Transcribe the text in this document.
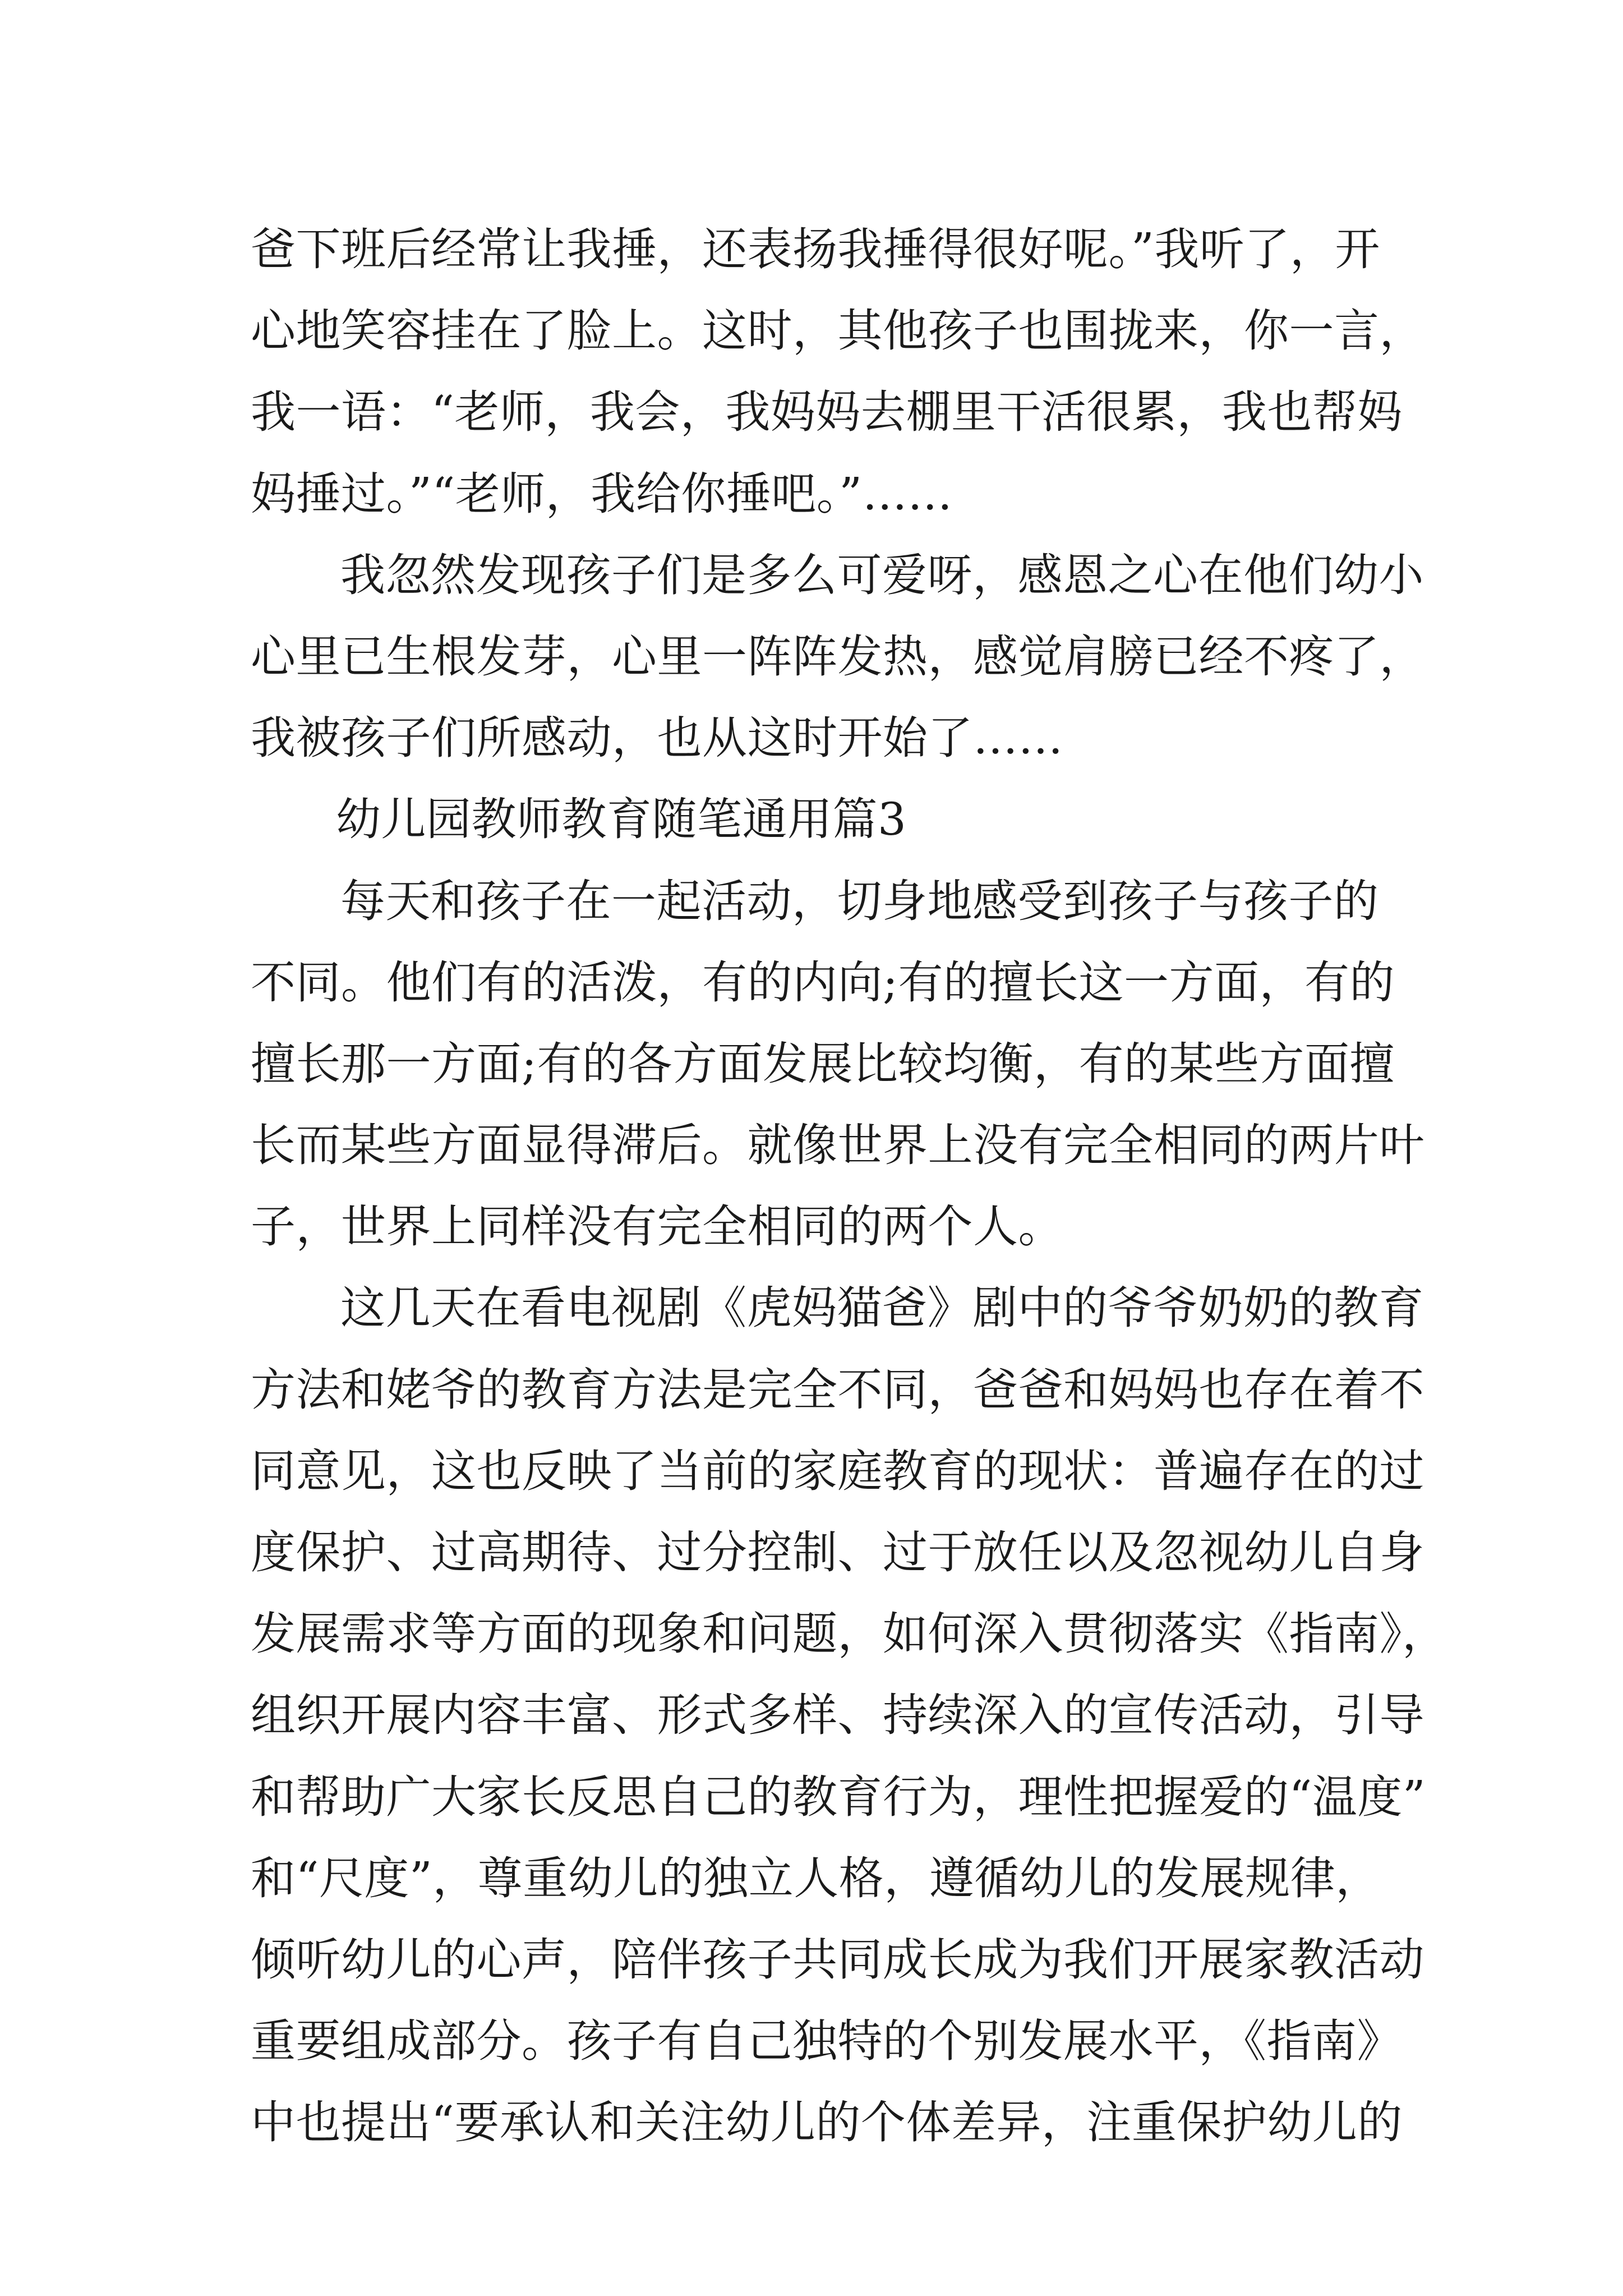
爸下班后经常让我捶，还表扬我捶得很好呢。”我听了，开
心地笑容挂在了脸上。这时，其他孩子也围拢来，你一言，
我一语：“老师，我会，我妈妈去棚里干活很累，我也帮妈
妈捶过。”“老师，我给你捶吧。”……
我忽然发现孩子们是多么可爱呀，感恩之心在他们幼小
心里已生根发芽，心里一阵阵发热，感觉肩膀已经不疼了，
我被孩子们所感动，也从这时开始了……
幼儿园教师教育随笔通用篇3
每天和孩子在一起活动，切身地感受到孩子与孩子的
不同。他们有的活泼，有的内向;有的擅长这一方面，有的
擅长那一方面;有的各方面发展比较均衡，有的某些方面擅
长而某些方面显得滞后。就像世界上没有完全相同的两片叶
子，世界上同样没有完全相同的两个人。
这几天在看电视剧《虎妈猫爸》剧中的爷爷奶奶的教育
方法和姥爷的教育方法是完全不同，爸爸和妈妈也存在着不
同意见，这也反映了当前的家庭教育的现状：普遍存在的过
度保护、过高期待、过分控制、过于放任以及忽视幼儿自身
发展需求等方面的现象和问题，如何深入贯彻落实《指南》，
组织开展内容丰富、形式多样、持续深入的宣传活动，引导
和帮助广大家长反思自己的教育行为，理性把握爱的“温度”
和“尺度”，尊重幼儿的独立人格，遵循幼儿的发展规律，
倾听幼儿的心声，陪伴孩子共同成长成为我们开展家教活动
重要组成部分。孩子有自己独特的个别发展水平，《指南》
中也提出“要承认和关注幼儿的个体差异，注重保护幼儿的
